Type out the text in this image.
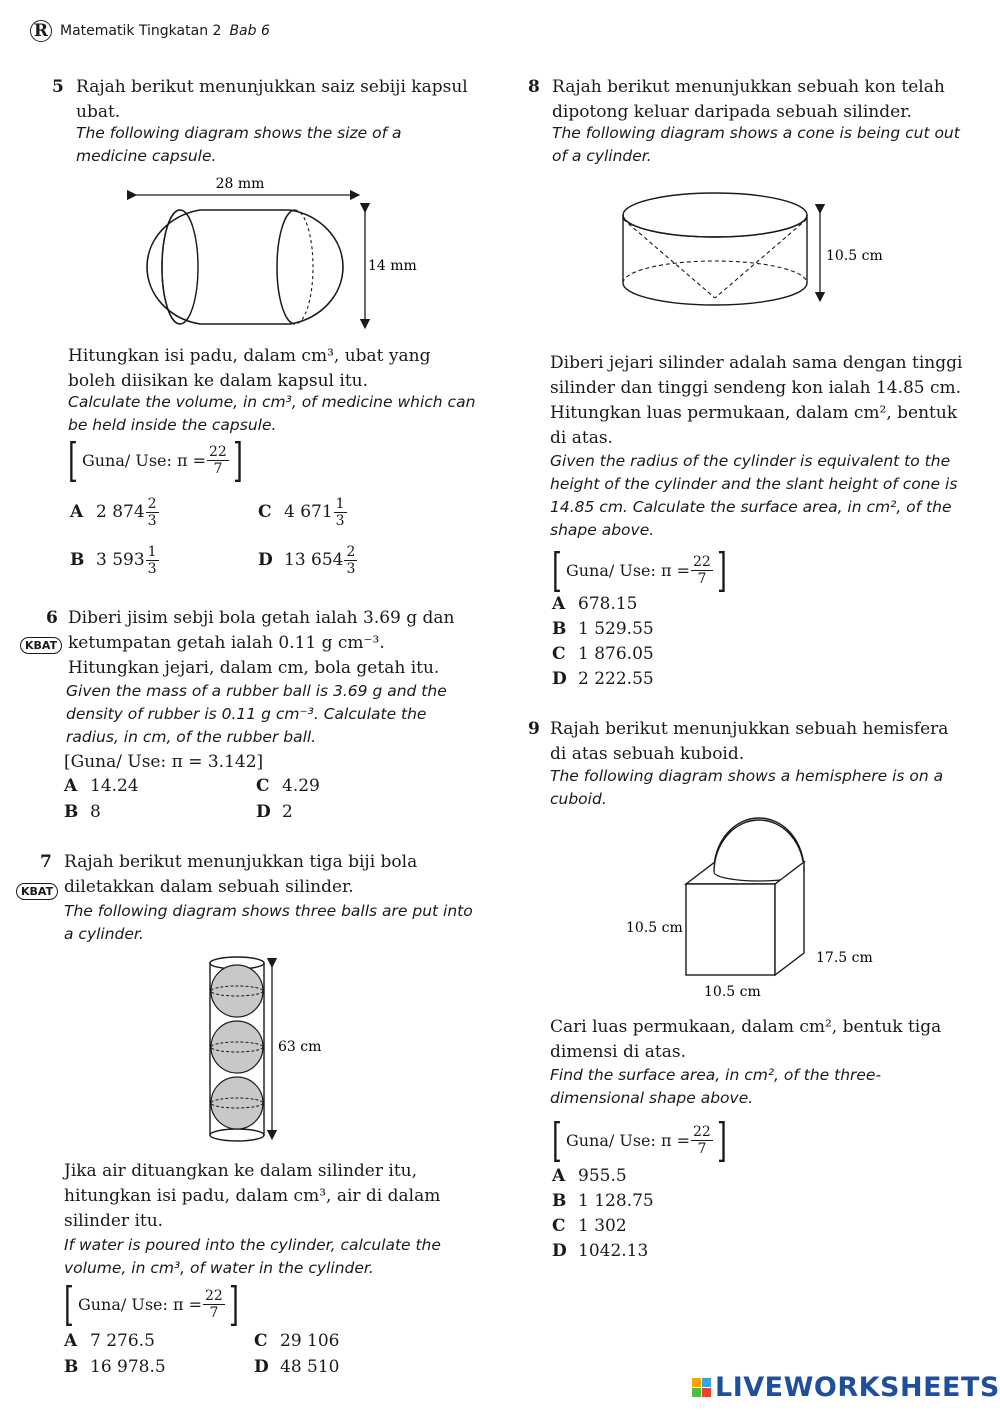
R Matematik Tingkatan 2 Bab 6
5 Rajah berikut menunjukkan saiz sebiji kapsul ubat.
The following diagram shows the size of a medicine capsule.
28 mm
14 mm
Hitungkan isi padu, dalam cm³, ubat yang boleh diisikan ke dalam kapsul itu.
Calculate the volume, in cm³, of medicine which can be held inside the capsule.
[ Guna/ Use: $\pi = \frac{22}{7}$ ]
A 2 $874 \frac{2}{3}$	C 4 $671 \frac{1}{3}$
B 3 $593 \frac{1}{3}$	D 13 $654 \frac{2}{3}$
6
KBAT
Diberi jisim sebji bola getah ialah 3.69 g dan ketumpatan getah ialah 0.11 g cm⁻³. Hitungkan jejari, dalam cm, bola getah itu.
Given the mass of a rubber ball is 3.69 g and the density of rubber is 0.11 g cm⁻³. Calculate the radius, in cm, of the rubber ball.
[Guna/ Use: π = 3.142]
A 14.24	C 4.29
B 8	D 2
7
KBAT
Rajah berikut menunjukkan tiga biji bola diletakkan dalam sebuah silinder.
The following diagram shows three balls are put into a cylinder.
63 cm
Jika air dituangkan ke dalam silinder itu, hitungkan isi padu, dalam cm³, air di dalam silinder itu.
If water is poured into the cylinder, calculate the volume, in cm³, of water in the cylinder.
[ Guna/ Use: $\pi = \frac{22}{7}$ ]
A 7 276.5	C 29 106
B 16 978.5	D 48 510
8 Rajah berikut menunjukkan sebuah kon telah dipotong keluar daripada sebuah silinder.
The following diagram shows a cone is being cut out of a cylinder.
10.5 cm
Diberi jejari silinder adalah sama dengan tinggi silinder dan tinggi sendeng kon ialah 14.85 cm. Hitungkan luas permukaan, dalam cm², bentuk di atas.
Given the radius of the cylinder is equivalent to the height of the cylinder and the slant height of cone is 14.85 cm. Calculate the surface area, in cm², of the shape above.
[ Guna/ Use: $\pi = \frac{22}{7}$ ]
A 678.15
B 1 529.55
C 1 876.05
D 2 222.55
9 Rajah berikut menunjukkan sebuah hemisfera di atas sebuah kuboid.
The following diagram shows a hemisphere is on a cuboid.
10.5 cm
17.5 cm
10.5 cm
Cari luas permukaan, dalam cm², bentuk tiga dimensi di atas.
Find the surface area, in cm², of the three-dimensional shape above.
[ Guna/ Use: $\pi = \frac{22}{7}$ ]
A 955.5
B 1 128.75
C 1 302
D 1042.13
LIVEWORKSHEETS
